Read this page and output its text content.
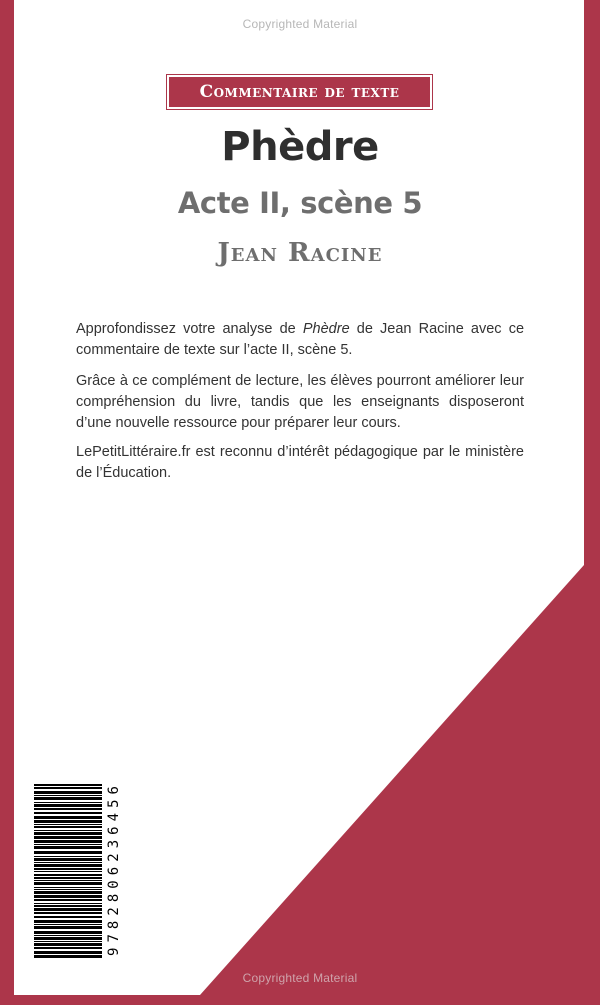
Copyrighted Material
Commentaire de texte
Phèdre
Acte II, scène 5
Jean Racine

Approfondissez votre analyse de Phèdre de Jean Racine avec ce commentaire de texte sur l’acte II, scène 5.

Grâce à ce complément de lecture, les élèves pourront améliorer leur compréhension du livre, tandis que les enseignants disposeront d’une nouvelle ressource pour préparer leur cours.

LePetitLittéraire.fr est reconnu d’intérêt pédagogique par le ministère de l’Éducation.

9782806236456
Copyrighted Material
